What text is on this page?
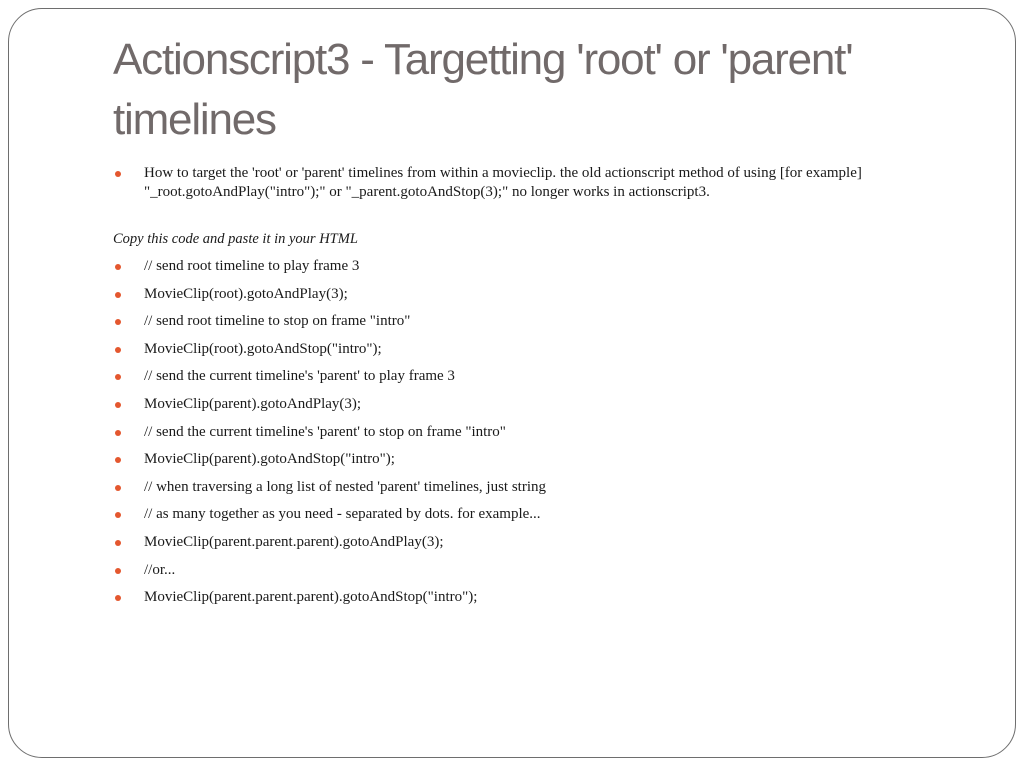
Actionscript3 - Targetting 'root' or 'parent' timelines
How to target the 'root' or 'parent' timelines from within a movieclip. the old actionscript method of using [for example] "_root.gotoAndPlay("intro");" or "_parent.gotoAndStop(3);" no longer works in actionscript3.
Copy this code and paste it in your HTML
// send root timeline to play frame 3
MovieClip(root).gotoAndPlay(3);
// send root timeline to stop on frame "intro"
MovieClip(root).gotoAndStop("intro");
// send the current timeline's 'parent' to play frame 3
MovieClip(parent).gotoAndPlay(3);
// send the current timeline's 'parent' to stop on frame "intro"
MovieClip(parent).gotoAndStop("intro");
// when traversing a long list of nested 'parent' timelines, just string
// as many together as you need - separated by dots. for example...
MovieClip(parent.parent.parent).gotoAndPlay(3);
//or...
MovieClip(parent.parent.parent).gotoAndStop("intro");
